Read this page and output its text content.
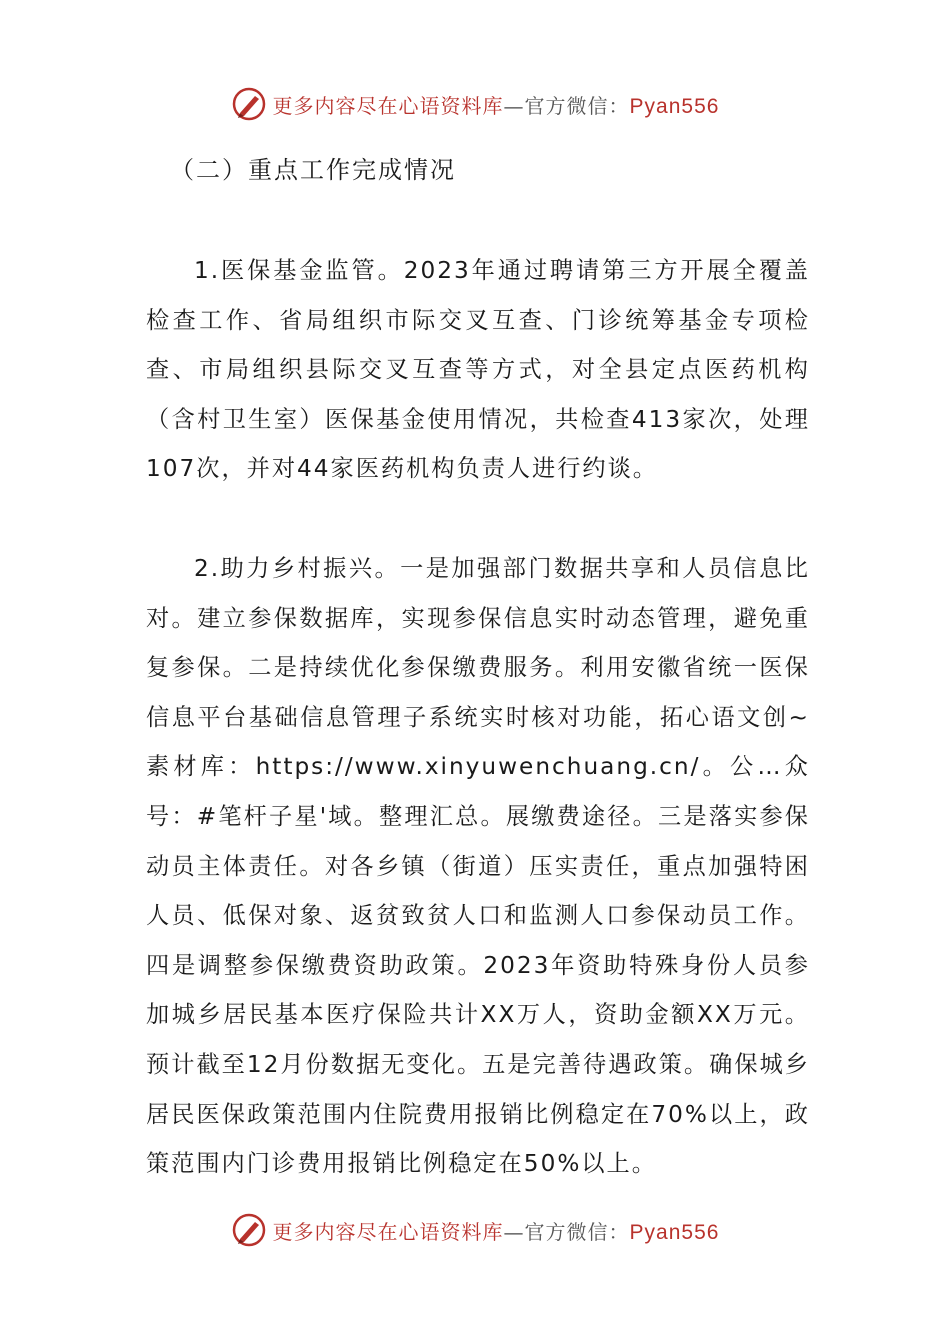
更多内容尽在心语资料库—官方微信：Pyan556
（二）重点工作完成情况

1.医保基金监管。2023年通过聘请第三方开展全覆盖检查工作、省局组织市际交叉互查、门诊统筹基金专项检查、市局组织县际交叉互查等方式，对全县定点医药机构（含村卫生室）医保基金使用情况，共检查413家次，处理107次，并对44家医药机构负责人进行约谈。

2.助力乡村振兴。一是加强部门数据共享和人员信息比对。建立参保数据库，实现参保信息实时动态管理，避免重复参保。二是持续优化参保缴费服务。利用安徽省统一医保信息平台基础信息管理子系统实时核对功能，拓心语文创~素材库：https://www.xinyuwenchuang.cn/。公…众号：#笔杆子星'域。整理汇总。展缴费途径。三是落实参保动员主体责任。对各乡镇（街道）压实责任，重点加强特困人员、低保对象、返贫致贫人口和监测人口参保动员工作。四是调整参保缴费资助政策。2023年资助特殊身份人员参加城乡居民基本医疗保险共计XX万人，资助金额XX万元。预计截至12月份数据无变化。五是完善待遇政策。确保城乡居民医保政策范围内住院费用报销比例稳定在70%以上，政策范围内门诊费用报销比例稳定在50%以上。

更多内容尽在心语资料库—官方微信：Pyan556
